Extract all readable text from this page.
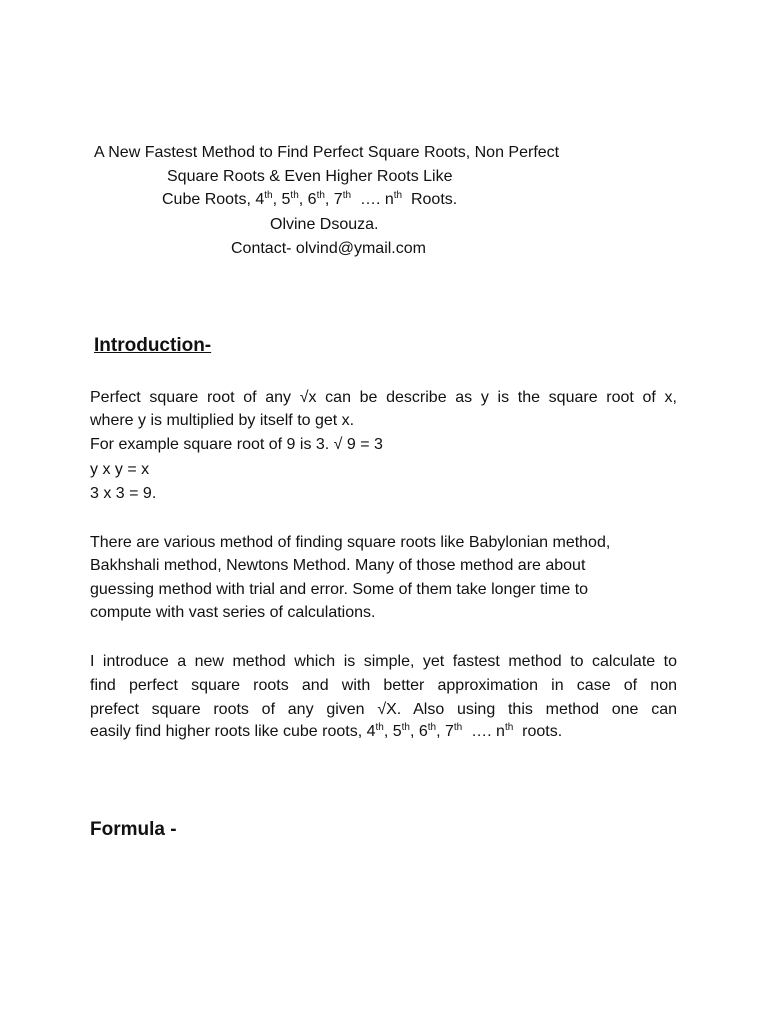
A New Fastest Method to Find Perfect Square Roots, Non Perfect
Square Roots & Even Higher Roots Like
Cube Roots, 4th, 5th, 6th, 7th  …. $n^{th}$  Roots.
Olvine Dsouza.
Contact- olvind@ymail.com
Introduction-
Perfect square root of any √x can be describe as y is the square root of x,
where y is multiplied by itself to get x.
For example square root of 9 is 3. √ 9 = 3
y x y = x
3 x 3 = 9.
There are various method of finding square roots like Babylonian method,
Bakhshali method, Newtons Method. Many of those method are about
guessing method with trial and error. Some of them take longer time to
compute with vast series of calculations.
I introduce a new method which is simple, yet fastest method to calculate to
find perfect square roots and with better approximation in case of non
prefect square roots of any given √X. Also using this method one can
easily find higher roots like cube roots, 4th, 5th, 6th, 7th  …. $n^{th}$  roots.
Formula -
